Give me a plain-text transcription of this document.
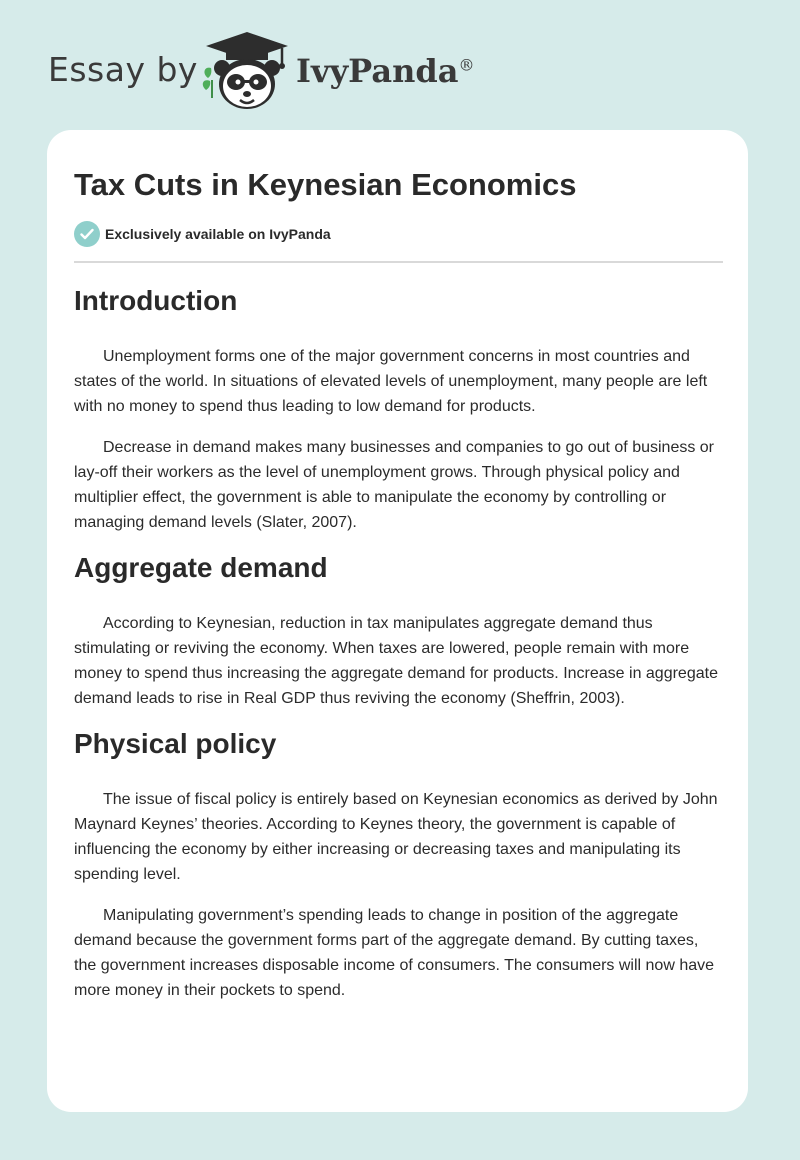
Essay by	IvyPanda®
Tax Cuts in Keynesian Economics
Exclusively available on IvyPanda
Introduction

Unemployment forms one of the major government concerns in most countries and states of the world. In situations of elevated levels of unemployment, many people are left with no money to spend thus leading to low demand for products.

Decrease in demand makes many businesses and companies to go out of business or lay-off their workers as the level of unemployment grows. Through physical policy and multiplier effect, the government is able to manipulate the economy by controlling or managing demand levels (Slater, 2007).

Aggregate demand

According to Keynesian, reduction in tax manipulates aggregate demand thus stimulating or reviving the economy. When taxes are lowered, people remain with more money to spend thus increasing the aggregate demand for products. Increase in aggregate demand leads to rise in Real GDP thus reviving the economy (Sheffrin, 2003).

Physical policy

The issue of fiscal policy is entirely based on Keynesian economics as derived by John Maynard Keynes’ theories. According to Keynes theory, the government is capable of influencing the economy by either increasing or decreasing taxes and manipulating its spending level.

Manipulating government’s spending leads to change in position of the aggregate demand because the government forms part of the aggregate demand. By cutting taxes, the government increases disposable income of consumers. The consumers will now have more money in their pockets to spend.
